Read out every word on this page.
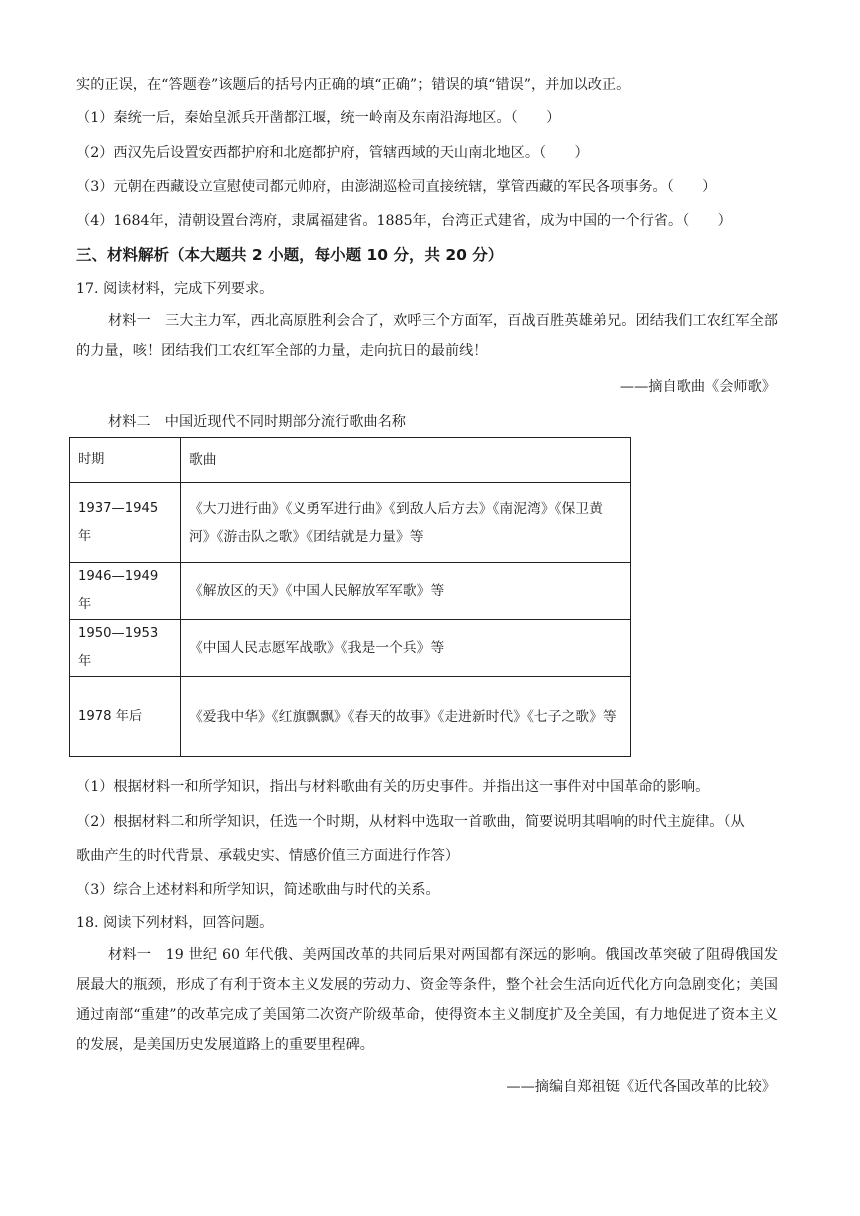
实的正误，在“答题卷”该题后的括号内正确的填“正确”；错误的填“错误”，并加以改正。
（1）秦统一后，秦始皇派兵开凿都江堰，统一岭南及东南沿海地区。（　　）
（2）西汉先后设置安西都护府和北庭都护府，管辖西域的天山南北地区。（　　）
（3）元朝在西藏设立宣慰使司都元帅府，由澎湖巡检司直接统辖，掌管西藏的军民各项事务。（　　）
（4）1684年，清朝设置台湾府，隶属福建省。1885年，台湾正式建省，成为中国的一个行省。（　　）
三、材料解析（本大题共 2 小题，每小题 10 分，共 20 分）
17. 阅读材料，完成下列要求。
材料一　三大主力军，西北高原胜利会合了，欢呼三个方面军，百战百胜英雄弟兄。团结我们工农红军全部的力量，咳！团结我们工农红军全部的力量，走向抗日的最前线！
——摘自歌曲《会师歌》
材料二　中国近现代不同时期部分流行歌曲名称
时期	歌曲
1937—1945 年	《大刀进行曲》《义勇军进行曲》《到敌人后方去》《南泥湾》《保卫黄河》《游击队之歌》《团结就是力量》等
1946—1949 年	《解放区的天》《中国人民解放军军歌》等
1950—1953 年	《中国人民志愿军战歌》《我是一个兵》等
1978 年后	《爱我中华》《红旗飘飘》《春天的故事》《走进新时代》《七子之歌》等
（1）根据材料一和所学知识，指出与材料歌曲有关的历史事件。并指出这一事件对中国革命的影响。
（2）根据材料二和所学知识，任选一个时期，从材料中选取一首歌曲，简要说明其唱响的时代主旋律。（从
歌曲产生的时代背景、承载史实、情感价值三方面进行作答）
（3）综合上述材料和所学知识，简述歌曲与时代的关系。
18. 阅读下列材料，回答问题。
材料一　19 世纪 60 年代俄、美两国改革的共同后果对两国都有深远的影响。俄国改革突破了阻碍俄国发展最大的瓶颈，形成了有利于资本主义发展的劳动力、资金等条件，整个社会生活向近代化方向急剧变化；美国通过南部“重建”的改革完成了美国第二次资产阶级革命，使得资本主义制度扩及全美国，有力地促进了资本主义的发展，是美国历史发展道路上的重要里程碑。
——摘编自郑祖铤《近代各国改革的比较》
